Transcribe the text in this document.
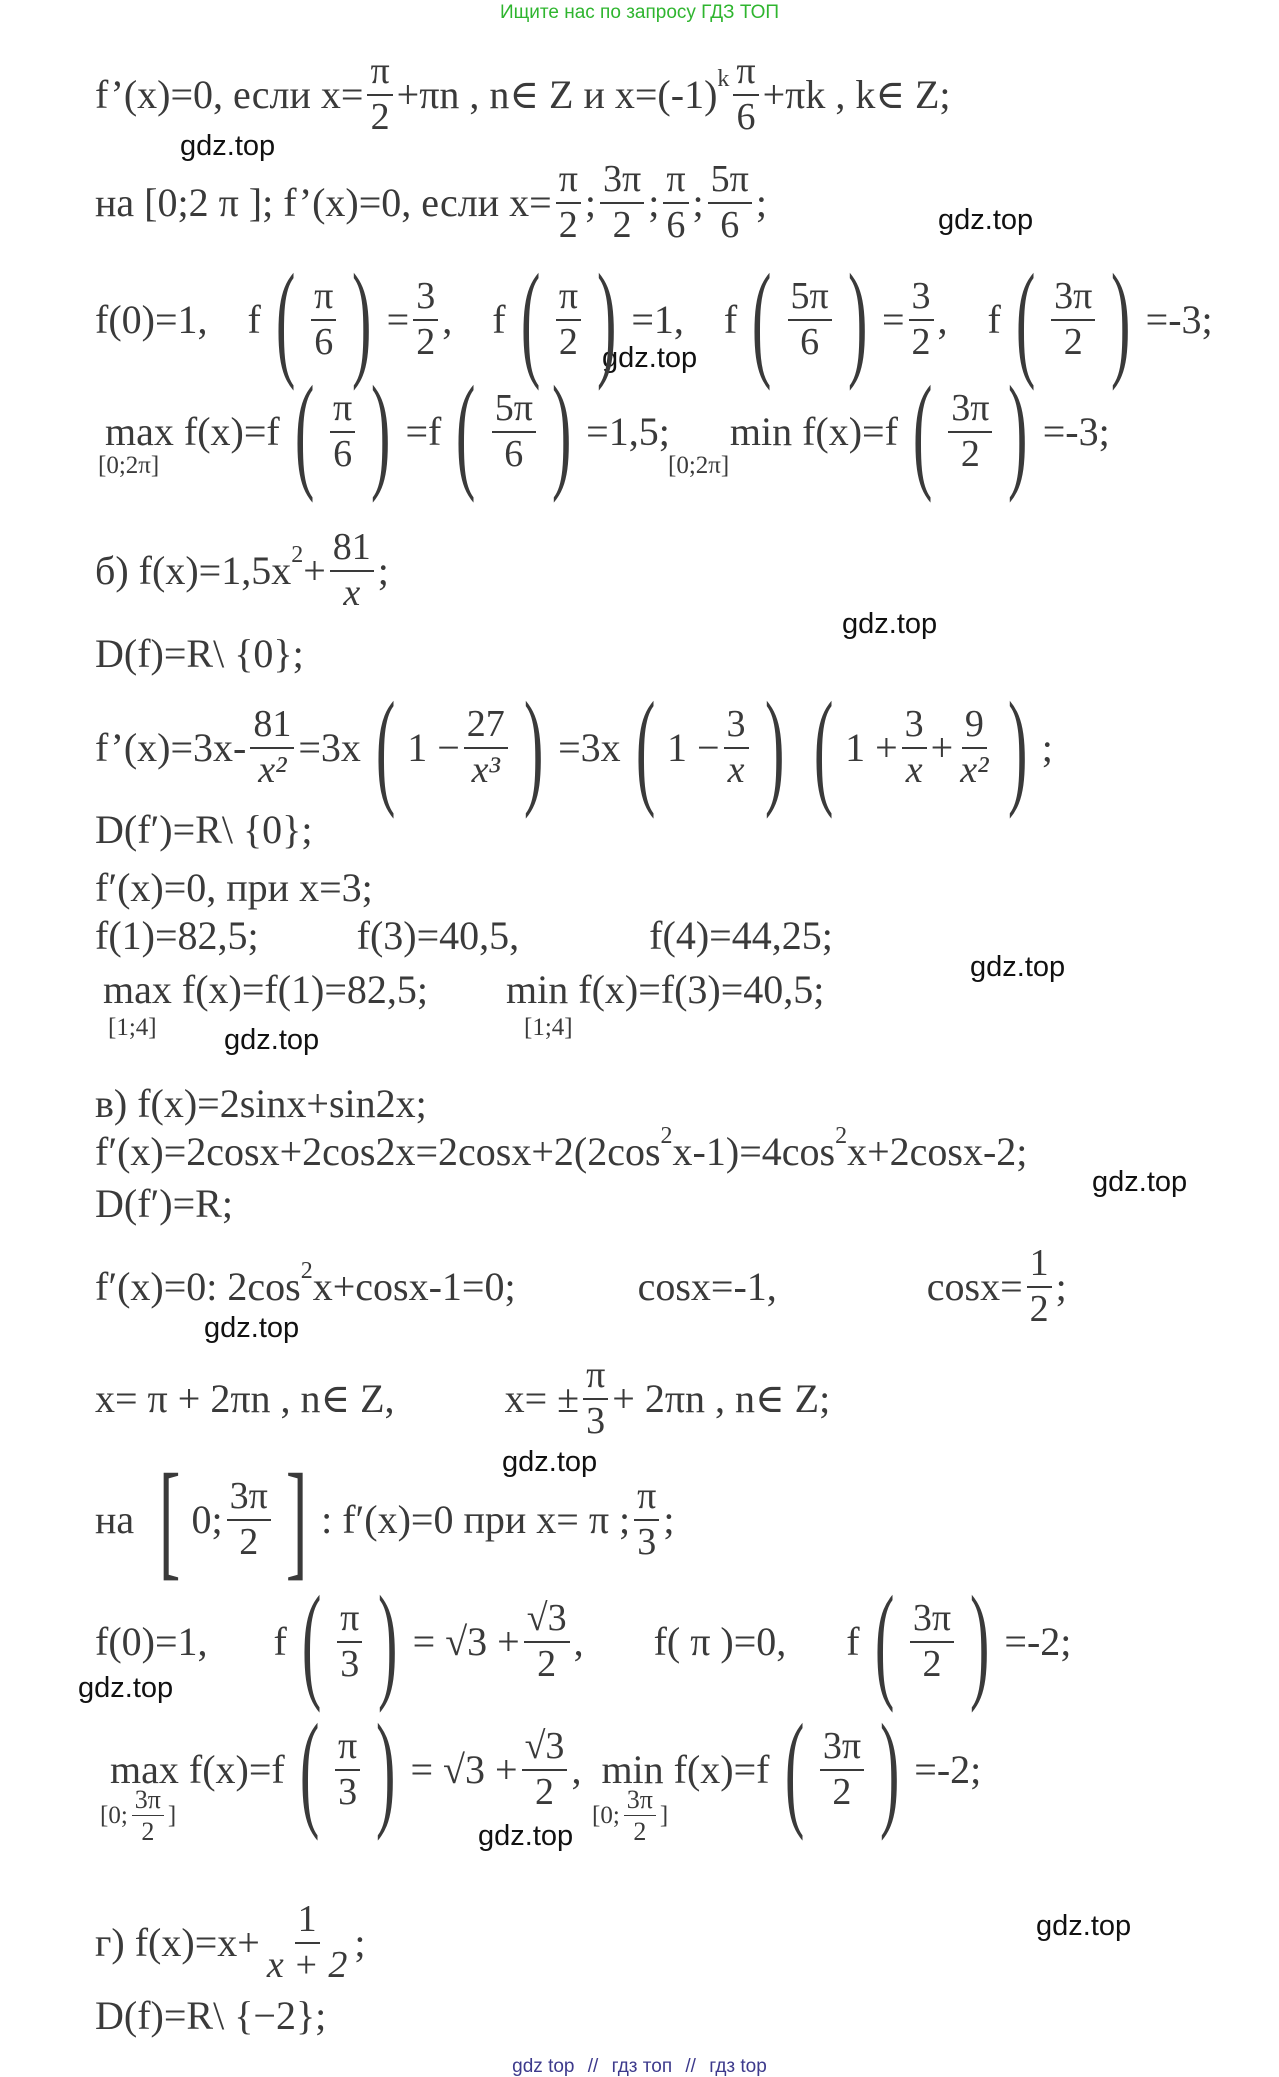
Ищите нас по запросу ГДЗ ТОП
gdz.top
gdz.top
gdz.top
gdz.top
gdz.top
gdz.top
gdz.top
gdz.top
gdz.top
gdz.top
gdz.top
gdz.top
f’(x)=0, если $x= \frac{\pi}{2} +\pi n$ , n∈ Z и x=(-1) k $\frac{\pi}{6} +\pi k$ , k∈ Z;
на [0;2 π ]; f’(x)=0, если $x= \frac{\pi}{2}$ ; $\frac{3\pi}{2}$ ; $\frac{\pi}{6}$ ; $\frac{5\pi}{6}$ ;
f(0)=1, f ( $\frac{\pi}{6}$ ) = $\frac{3}{2}$ , f ( $\frac{\pi}{2}$ ) =1, f ( $\frac{5\pi}{6}$ ) = $\frac{3}{2}$ , f ( $\frac{3\pi}{2}$ ) =-3;
max f(x)=f ( $\frac{\pi}{6}$ ) =f ( $\frac{5\pi}{6}$ ) =1,5; min f(x)=f ( $\frac{3\pi}{2}$ ) =-3;
[0;2π]	[0;2π]
б) f(x)=1,5x $2 + \frac{81}{x}$ ;
D(f)=R\ {0};
f’(x)=3x- $\frac{81}{\text{x²}} =3x$ ( $1 - \frac{27}{\text{x³}}$ ) =3x ( $1 - \frac{3}{x}$ ) ( $1 + \frac{3}{x} + \frac{9}{\text{x²}}$ ) ;
D(f′)=R\ {0};
f′(x)=0, при x=3;
f(1)=82,5; f(3)=40,5,	f(4)=44,25;
max f(x)=f(1)=82,5; min f(x)=f(3)=40,5;
[1;4]	[1;4]
в) f(x)=2sinx+sin2x;
f′(x)=2cosx+2cos2x=2cosx+2(2cos 2 x-1)=4cos 2 x+2cosx-2;
D(f′)=R;
f′(x)=0: 2cos 2 x+cosx-1=0;	cosx=-1,	$\cos x= \frac{1}{2}$ ;
x= π + 2πn , n∈ Z,	$x= \pm \frac{\pi}{3} + 2\pi n$ , n∈ Z;
на [ 0; $\frac{3\pi}{2}$ ] : f′(x)=0 при x= π ; $\frac{\pi}{3}$ ;
f(0)=1, f ( $\frac{\pi}{3}$ ) = $√3 + \frac{√3}{2}$ , f( π )=0, f ( $\frac{3\pi}{2}$ ) =-2;
max f(x)=f ( $\frac{\pi}{3}$ ) = $√3 + \frac{√3}{2}$ , min f(x)=f ( $\frac{3\pi}{2}$ ) =-2;
[0; $\frac{3\pi}{2}$ ]	[0; $\frac{3\pi}{2}$ ]
г) $f(x)=x+ \frac{1}{x + 2}$ ;
D(f)=R\ {−2};
gdz top // гдз топ // гдз top
